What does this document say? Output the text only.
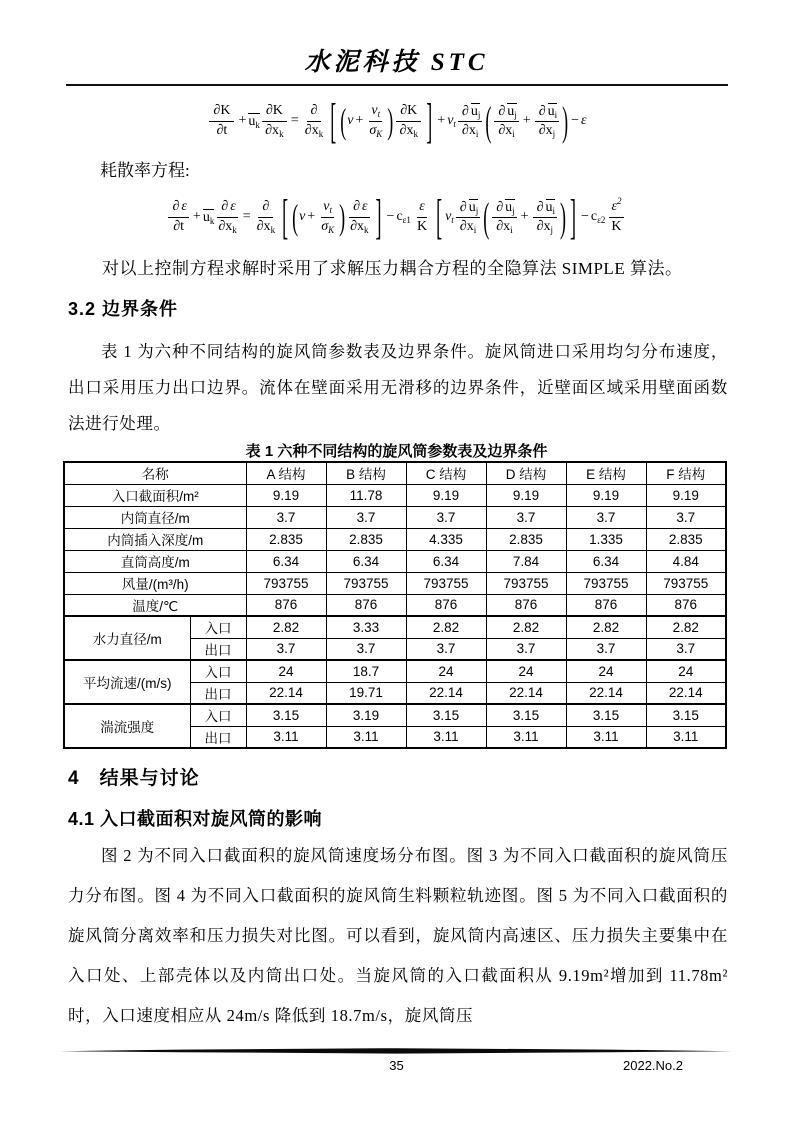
水泥科技 STC
$\frac{\partial K}{\partial t} + u_k \frac{\partial K}{\partial x_k} = \frac{\partial}{\partial x_k}$ [ ( $\nu + \frac{\nu_t}{\sigma_K}$ ) $\frac{\partial K}{\partial x_k}$ ] + $\nu_t \frac{\partial u_j}{\partial x_i}$ ( $\frac{\partial u_j}{\partial x_i} + \frac{\partial u_i}{\partial x_j}$ ) − ε
耗散率方程:
$\frac{\partial \varepsilon}{\partial t} + u_k \frac{\partial \varepsilon}{\partial x_k} = \frac{\partial}{\partial x_k}$ [ ( $\nu + \frac{\nu_t}{\sigma_K}$ ) $\frac{\partial \varepsilon}{\partial x_k}$ ] − $c_{\varepsilon 1} \frac{\varepsilon}{K}$ [ $\nu_t \frac{\partial u_j}{\partial x_i}$ ( $\frac{\partial u_j}{\partial x_i} + \frac{\partial u_i}{\partial x_j}$ ) ] − $c_{\varepsilon 2} \frac{\varepsilon^2}{K}$
对以上控制方程求解时采用了求解压力耦合方程的全隐算法 SIMPLE 算法。
3.2 边界条件
表 1 为六种不同结构的旋风筒参数表及边界条件。旋风筒进口采用均匀分布速度，出口采用压力出口边界。流体在壁面采用无滑移的边界条件，近壁面区域采用壁面函数法进行处理。
表 1 六种不同结构的旋风筒参数表及边界条件
名称		A 结构	B 结构	C 结构	D 结构	E 结构	F 结构
入口截面积/m²		9.19	11.78	9.19	9.19	9.19	9.19
内筒直径/m		3.7	3.7	3.7	3.7	3.7	3.7
内筒插入深度/m		2.835	2.835	4.335	2.835	1.335	2.835
直筒高度/m		6.34	6.34	6.34	7.84	6.34	4.84
风量/(m³/h)		793755	793755	793755	793755	793755	793755
温度/℃		876	876	876	876	876	876
水力直径/m	入口	2.82	3.33	2.82	2.82	2.82	2.82
	出口	3.7	3.7	3.7	3.7	3.7	3.7
平均流速/(m/s)	入口	24	18.7	24	24	24	24
	出口	22.14	19.71	22.14	22.14	22.14	22.14
湍流强度	入口	3.15	3.19	3.15	3.15	3.15	3.15
	出口	3.11	3.11	3.11	3.11	3.11	3.11
4　结果与讨论
4.1 入口截面积对旋风筒的影响
图 2 为不同入口截面积的旋风筒速度场分布图。图 3 为不同入口截面积的旋风筒压力分布图。图 4 为不同入口截面积的旋风筒生料颗粒轨迹图。图 5 为不同入口截面积的旋风筒分离效率和压力损失对比图。可以看到，旋风筒内高速区、压力损失主要集中在入口处、上部壳体以及内筒出口处。当旋风筒的入口截面积从 9.19m²增加到 11.78m²时，入口速度相应从 24m/s 降低到 18.7m/s，旋风筒压
35	2022.No.2
